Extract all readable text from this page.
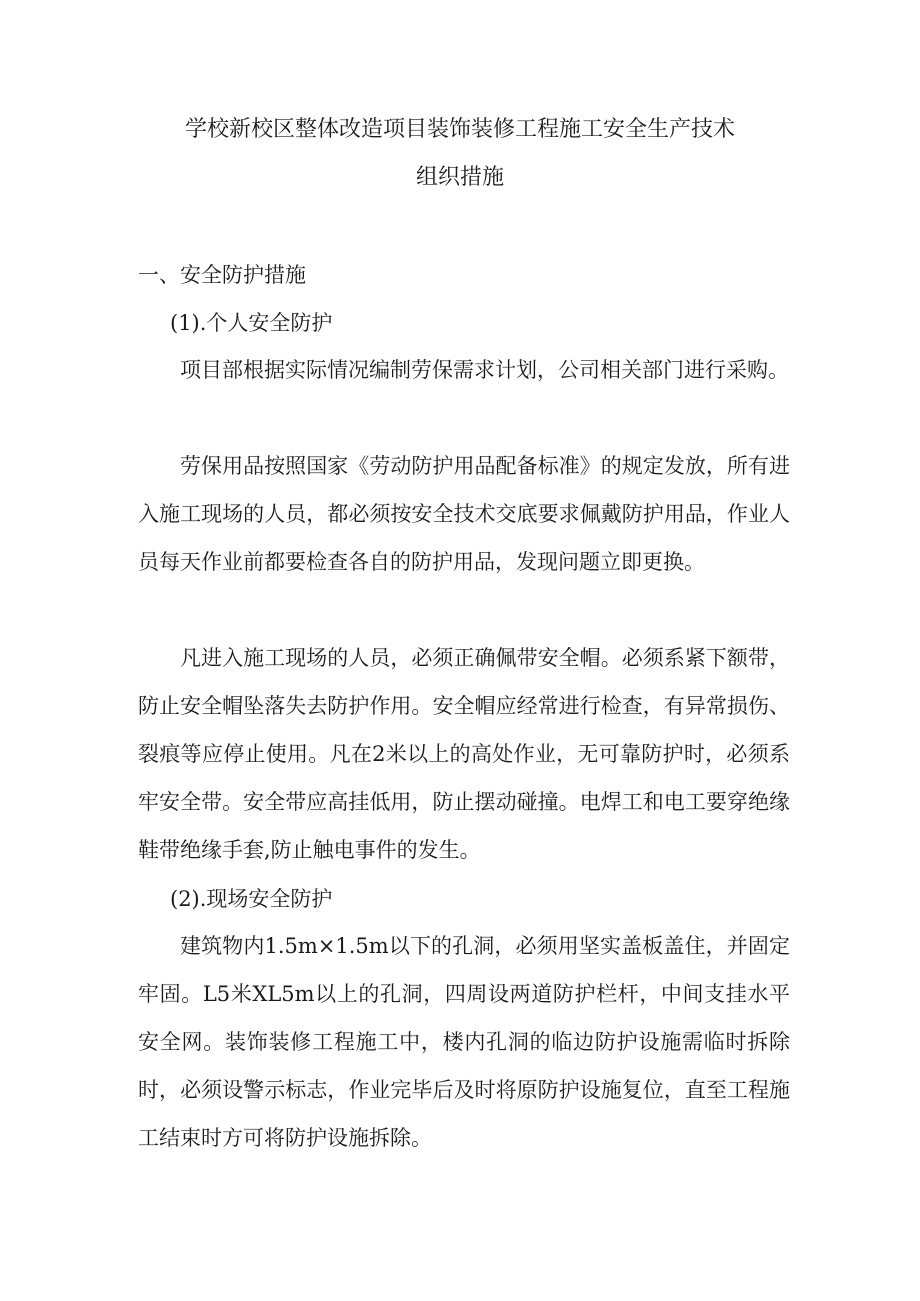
学校新校区整体改造项目装饰装修工程施工安全生产技术
组织措施
一、安全防护措施
(1).个人安全防护

项目部根据实际情况编制劳保需求计划，公司相关部门进行采购。

劳保用品按照国家《劳动防护用品配备标准》的规定发放，所有进入施工现场的人员，都必须按安全技术交底要求佩戴防护用品，作业人员每天作业前都要检查各自的防护用品，发现问题立即更换。

凡进入施工现场的人员，必须正确佩带安全帽。必须系紧下额带，防止安全帽坠落失去防护作用。安全帽应经常进行检查，有异常损伤、裂痕等应停止使用。凡在2米以上的高处作业，无可靠防护时，必须系牢安全带。安全带应高挂低用，防止摆动碰撞。电焊工和电工要穿绝缘鞋带绝缘手套,防止触电事件的发生。

(2).现场安全防护

建筑物内1.5m×1.5m以下的孔洞，必须用坚实盖板盖住，并固定牢固。L5米XL5m以上的孔洞，四周设两道防护栏杆，中间支挂水平安全网。装饰装修工程施工中，楼内孔洞的临边防护设施需临时拆除时，必须设警示标志，作业完毕后及时将原防护设施复位，直至工程施工结束时方可将防护设施拆除。
